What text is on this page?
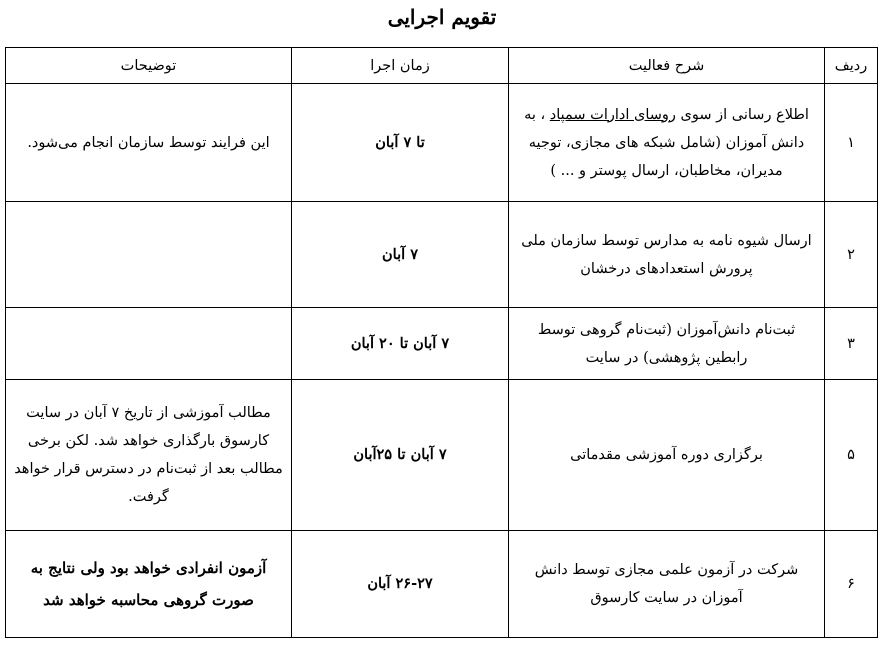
تقویم اجرایی
ردیف	شرح فعالیت	زمان اجرا	توضیحات
۱	اطلاع رسانی از سوی روسای ادارات سمپاد ، به دانش آموزان (شامل شبکه های مجازی، توجیه مدیران، مخاطبان، ارسال پوستر و ... )	تا ۷ آبان	این فرایند توسط سازمان انجام می‌شود.
۲	ارسال شیوه نامه به مدارس توسط سازمان ملی پرورش استعدادهای درخشان	۷ آبان	
۳	ثبت‌نام دانش‌آموزان (ثبت‌نام گروهی توسط رابطین پژوهشی) در سایت	۷ آبان تا ۲۰ آبان	
۵	برگزاری دوره آموزشی مقدماتی	۷ آبان تا ۲۵آبان	مطالب آموزشی از تاریخ ۷ آبان در سایت کارسوق بارگذاری خواهد شد. لکن برخی مطالب بعد از ثبت‌نام در دسترس قرار خواهد گرفت.
۶	شرکت در آزمون علمی مجازی توسط دانش آموزان در سایت کارسوق	۲۶-۲۷ آبان	آزمون انفرادی خواهد بود ولی نتایج به صورت گروهی محاسبه خواهد شد
